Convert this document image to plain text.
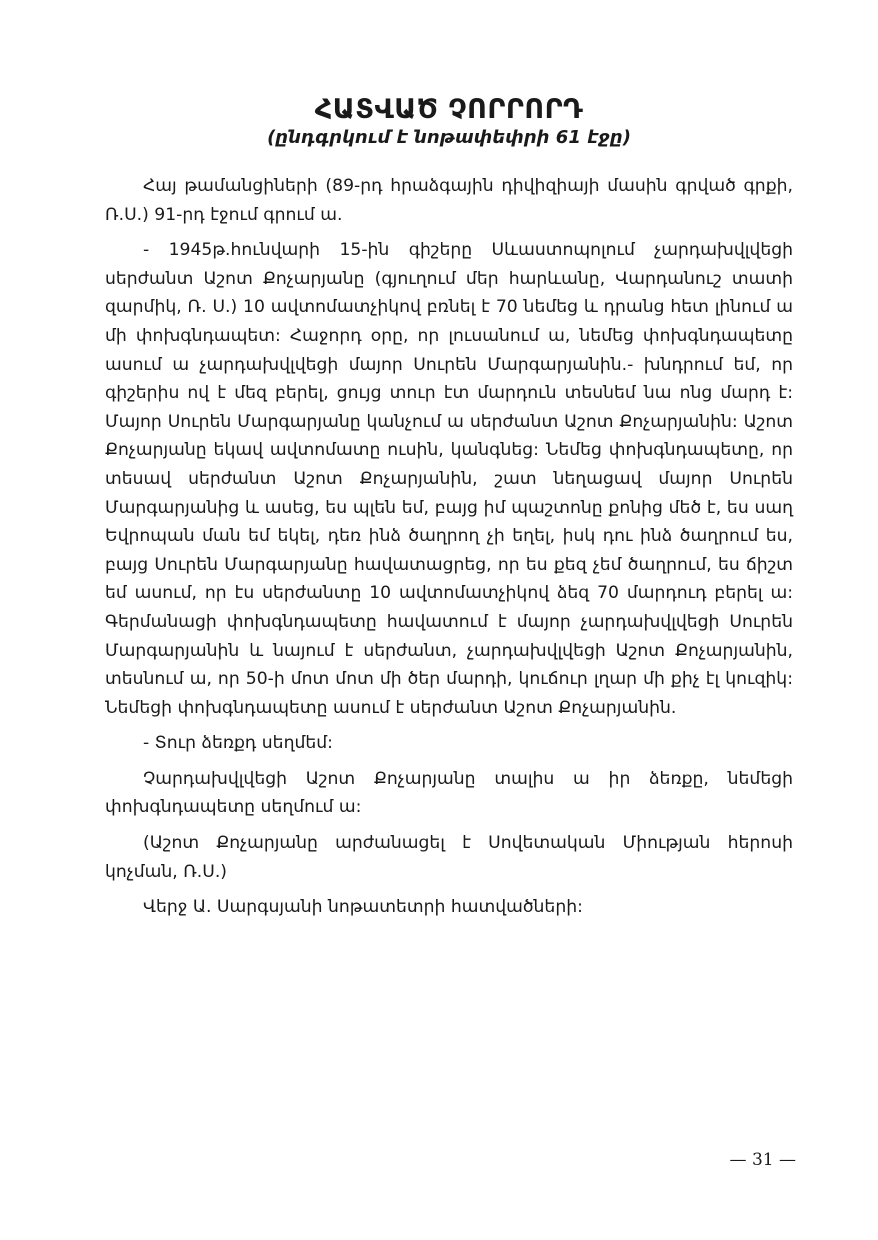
ՀԱՏՎԱԾ ՉՈՐՐՈՐԴ
(ընդգրկում է նոթափեփրի 61 էջը)

Հայ թամանցիների (89-րդ հրաձգային դիվիզիայի մասին գրված գրքի, Ռ.Ս.) 91-րդ էջում գրում ա.

- 1945թ.հունվարի 15-ին գիշերը Սևաստոպոլում չարդախվլվեցի սերժանտ Աշոտ Քոչարյանը (գյուղում մեր հարևանը, Վարդանուշ տատի զարմիկ, Ռ. Ս.) 10 ավտոմատչիկով բռնել է 70 նեմեց և դրանց հետ լինում ա մի փոխգնդապետ: Հաջորդ օրը, որ լուսանում ա, նեմեց փոխգնդապետը ասում ա չարդախվլվեցի մայոր Սուրեն Մարգարյանին.- խնդրում եմ, որ գիշերիս ով է մեզ բերել, ցույց տուր էտ մարդուն տեսնեմ նա ոնց մարդ է: Մայոր Սուրեն Մարգարյանը կանչում ա սերժանտ Աշոտ Քոչարյանին: Աշոտ Քոչարյանը եկավ ավտոմատը ուսին, կանգնեց: Նեմեց փոխգնդապետը, որ տեսավ սերժանտ Աշոտ Քոչարյանին, շատ նեղացավ մայոր Սուրեն Մարգարյանից և ասեց, ես պլեն եմ, բայց իմ պաշտոնը քոնից մեծ է, ես սաղ Եվրոպան ման եմ եկել, դեռ ինձ ծաղրող չի եղել, իսկ դու ինձ ծաղրում ես, բայց Սուրեն Մարգարյանը հավատացրեց, որ ես քեզ չեմ ծաղրում, ես ճիշտ եմ ասում, որ էս սերժանտը 10 ավտոմատչիկով ձեզ 70 մարդուդ բերել ա: Գերմանացի փոխգնդապետը հավատում է մայոր չարդախվլվեցի Սուրեն Մարգարյանին և նայում է սերժանտ, չարդախվլվեցի Աշոտ Քոչարյանին, տեսնում ա, որ 50-ի մոտ մոտ մի ծեր մարդի, կուճուր լղար մի քիչ էլ կուզիկ: Նեմեցի փոխգնդապետը ասում է սերժանտ Աշոտ Քոչարյանին.

- Տուր ձեռքդ սեղմեմ:

Չարդախվլվեցի Աշոտ Քոչարյանը տալիս ա իր ձեռքը, նեմեցի փոխգնդապետը սեղմում ա:

(Աշոտ Քոչարյանը արժանացել է Սովետական Միության հերոսի կոչման, Ռ.Ս.)

Վերջ Ա. Սարգսյանի նոթատետրի հատվածների:

— 31 —
